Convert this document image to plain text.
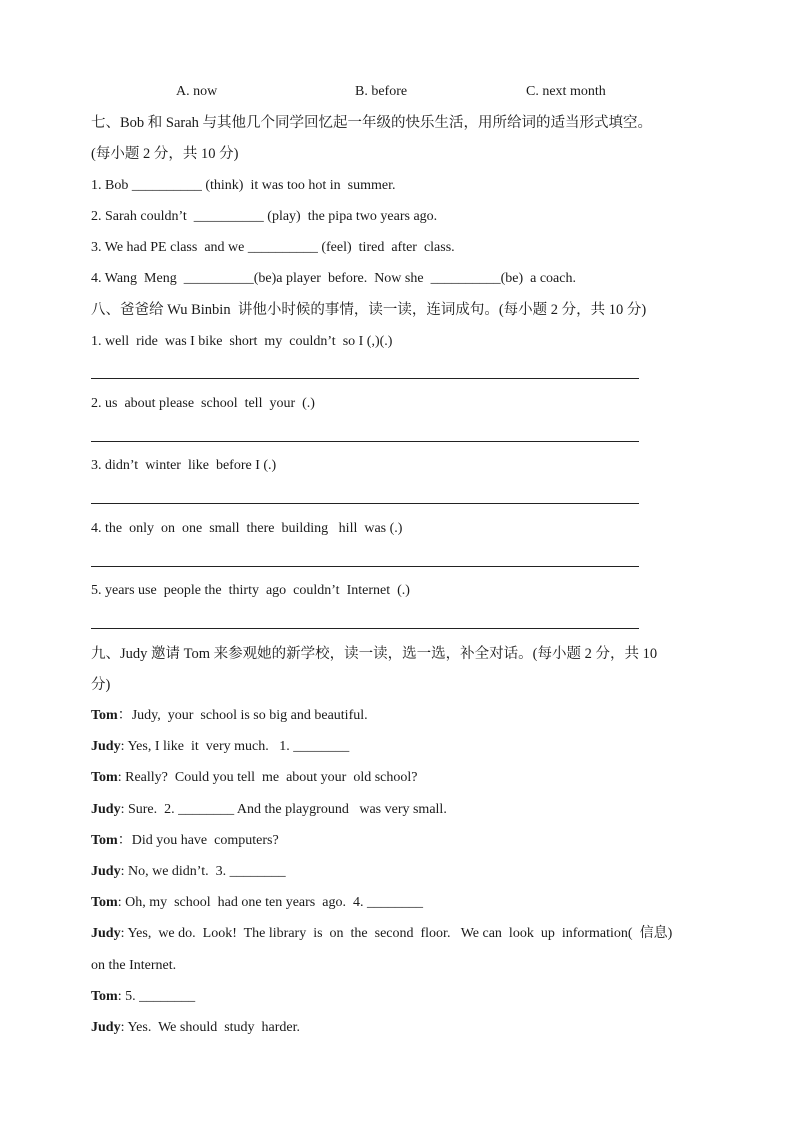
A. now	B. before	C. next month
七、Bob 和 Sarah 与其他几个同学回忆起一年级的快乐生活，用所给词的适当形式填空。
(每小题 2 分，共 10 分)
1. Bob __________ (think)  it was too hot in  summer.
2. Sarah couldn’t  __________ (play)  the pipa two years ago.
3. We had PE class  and we __________ (feel)  tired  after  class.
4. Wang  Meng  __________(be)a player  before.  Now she  __________(be)  a coach.
八、爸爸给 Wu Binbin  讲他小时候的事情，读一读，连词成句。(每小题 2 分，共 10 分)
1. well  ride  was I bike  short  my  couldn’t  so I (,)(.)
2. us  about please  school  tell  your  (.)
3. didn’t  winter  like  before I (.)
4. the  only  on  one  small  there  building   hill  was (.)
5. years use  people the  thirty  ago  couldn’t  Internet  (.)
九、Judy 邀请 Tom 来参观她的新学校，读一读，选一选，补全对话。(每小题 2 分，共 10
分)
Tom：Judy,  your  school is so big and beautiful.
Judy: Yes, I like  it  very much.   1. ________
Tom: Really?  Could you tell  me  about your  old school?
Judy: Sure.  2. ________ And the playground   was very small.
Tom：Did you have  computers?
Judy: No, we didn’t.  3. ________
Tom: Oh, my  school  had one ten years  ago.  4. ________
Judy: Yes,  we do.  Look!  The library  is  on  the  second  floor.   We can  look  up  information(  信息)
on the Internet.
Tom: 5. ________
Judy: Yes.  We should  study  harder.
